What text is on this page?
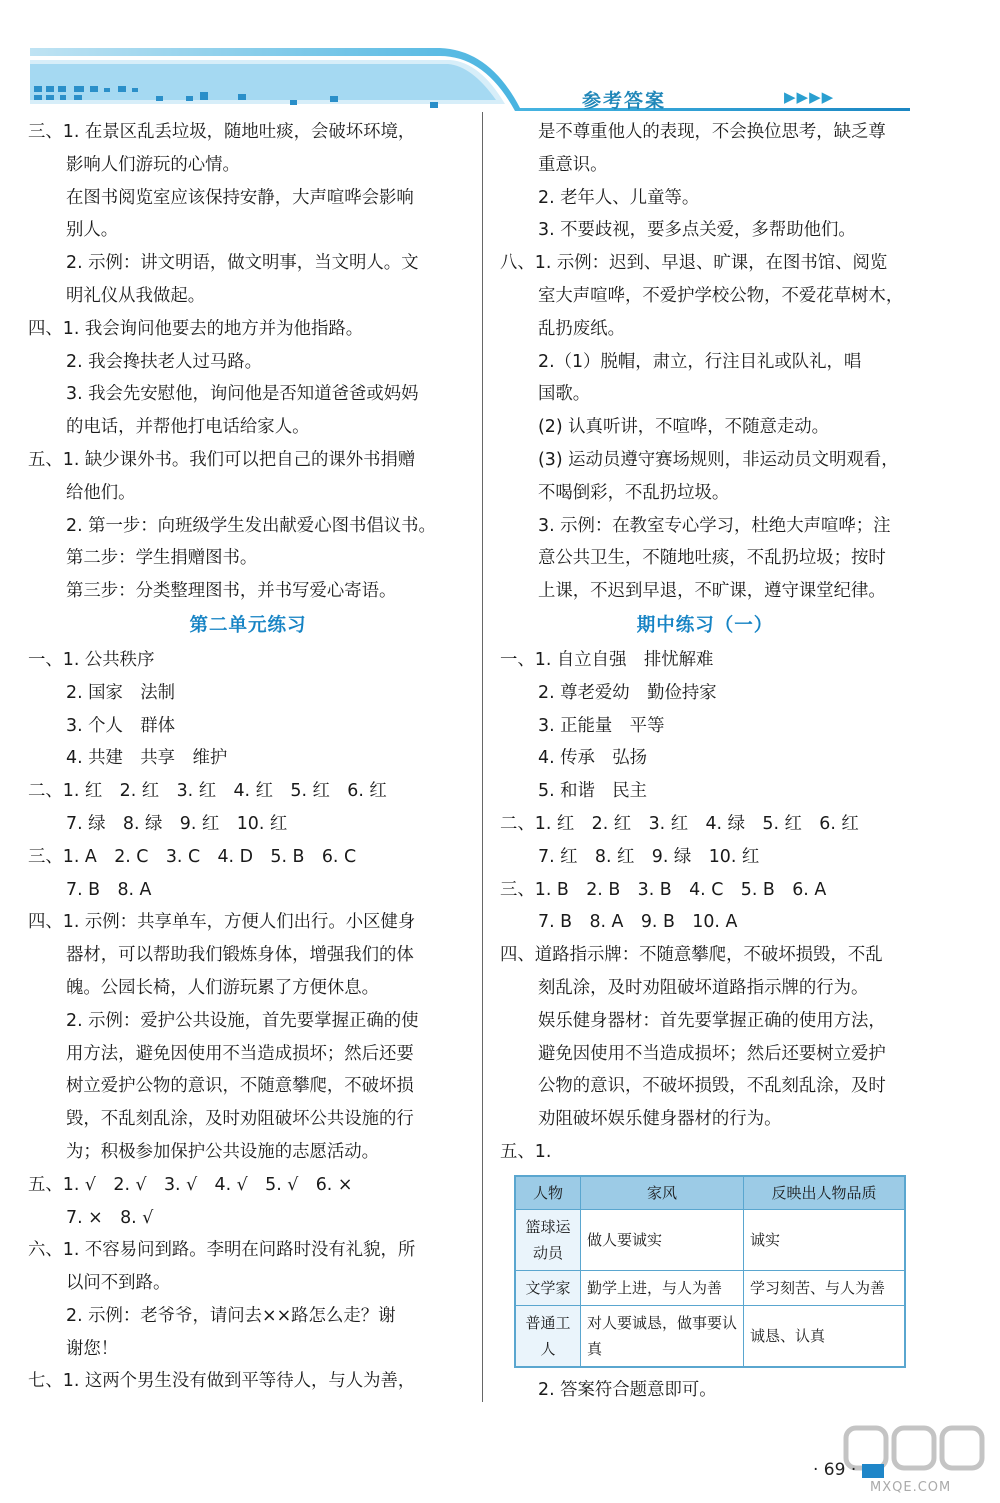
参考答案	▶▶▶▶
三、1. 在景区乱丢垃圾，随地吐痰，会破坏环境，
影响人们游玩的心情。
在图书阅览室应该保持安静，大声喧哗会影响
别人。
2. 示例：讲文明语，做文明事，当文明人。文
明礼仪从我做起。
四、1. 我会询问他要去的地方并为他指路。
2. 我会搀扶老人过马路。
3. 我会先安慰他，询问他是否知道爸爸或妈妈
的电话，并帮他打电话给家人。
五、1. 缺少课外书。我们可以把自己的课外书捐赠
给他们。
2. 第一步：向班级学生发出献爱心图书倡议书。
第二步：学生捐赠图书。
第三步：分类整理图书，并书写爱心寄语。
第二单元练习
一、1. 公共秩序
2. 国家　法制
3. 个人　群体
4. 共建　共享　维护
二、1. 红　2. 红　3. 红　4. 红　5. 红　6. 红
7. 绿　8. 绿　9. 红　10. 红
三、1. A　2. C　3. C　4. D　5. B　6. C
7. B　8. A
四、1. 示例：共享单车，方便人们出行。小区健身
器材，可以帮助我们锻炼身体，增强我们的体
魄。公园长椅，人们游玩累了方便休息。
2. 示例：爱护公共设施，首先要掌握正确的使
用方法，避免因使用不当造成损坏；然后还要
树立爱护公物的意识，不随意攀爬，不破坏损
毁，不乱刻乱涂，及时劝阻破坏公共设施的行
为；积极参加保护公共设施的志愿活动。
五、1. √　2. √　3. √　4. √　5. √　6. ×
7. ×　8. √
六、1. 不容易问到路。李明在问路时没有礼貌，所
以问不到路。
2. 示例：老爷爷，请问去××路怎么走？谢
谢您！
七、1. 这两个男生没有做到平等待人，与人为善，
是不尊重他人的表现，不会换位思考，缺乏尊
重意识。
2. 老年人、儿童等。
3. 不要歧视，要多点关爱，多帮助他们。
八、1. 示例：迟到、早退、旷课，在图书馆、阅览
室大声喧哗，不爱护学校公物，不爱花草树木，
乱扔废纸。
2.（1）脱帽，肃立，行注目礼或队礼，唱
国歌。
(2) 认真听讲，不喧哗，不随意走动。
(3) 运动员遵守赛场规则，非运动员文明观看，
不喝倒彩，不乱扔垃圾。
3. 示例：在教室专心学习，杜绝大声喧哗；注
意公共卫生，不随地吐痰，不乱扔垃圾；按时
上课，不迟到早退，不旷课，遵守课堂纪律。
期中练习（一）
一、1. 自立自强　排忧解难
2. 尊老爱幼　勤俭持家
3. 正能量　平等
4. 传承　弘扬
5. 和谐　民主
二、1. 红　2. 红　3. 红　4. 绿　5. 红　6. 红
7. 红　8. 红　9. 绿　10. 红
三、1. B　2. B　3. B　4. C　5. B　6. A
7. B　8. A　9. B　10. A
四、道路指示牌：不随意攀爬，不破坏损毁，不乱
刻乱涂，及时劝阻破坏道路指示牌的行为。
娱乐健身器材：首先要掌握正确的使用方法，
避免因使用不当造成损坏；然后还要树立爱护
公物的意识，不破坏损毁，不乱刻乱涂，及时
劝阻破坏娱乐健身器材的行为。
五、1.
人物	家风	反映出人物品质
篮球运动员	做人要诚实	诚实
文学家	勤学上进，与人为善	学习刻苦、与人为善
普通工人	对人要诚恳，做事要认真	诚恳、认真
2. 答案符合题意即可。
MXQE.COM
· 69 ·
